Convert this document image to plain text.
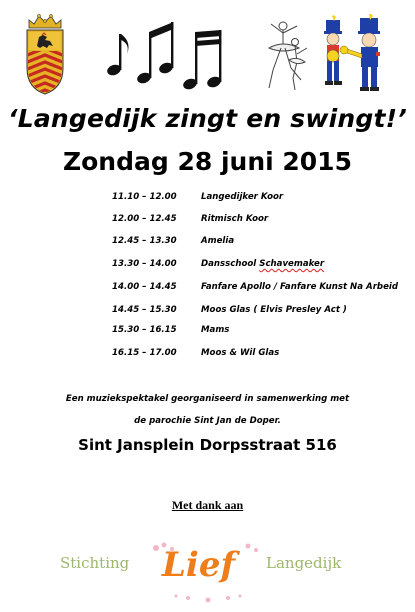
‘Langedijk zingt en swingt!’
Zondag 28 juni 2015
11.10 – 12.00	Langedijker Koor
12.00 – 12.45	Ritmisch Koor
12.45 – 13.30	Amelia
13.30 – 14.00	Dansschool Schavemaker
14.00 – 14.45	Fanfare Apollo / Fanfare Kunst Na Arbeid
14.45 – 15.30	Moos Glas ( Elvis Presley Act )
15.30 – 16.15	Mams
16.15 – 17.00	Moos & Wil Glas
Een muziekspektakel georganiseerd in samenwerking met
de parochie Sint Jan de Doper.
Sint Jansplein Dorpsstraat 516
Met dank aan
Stichting Lief	Langedijk
